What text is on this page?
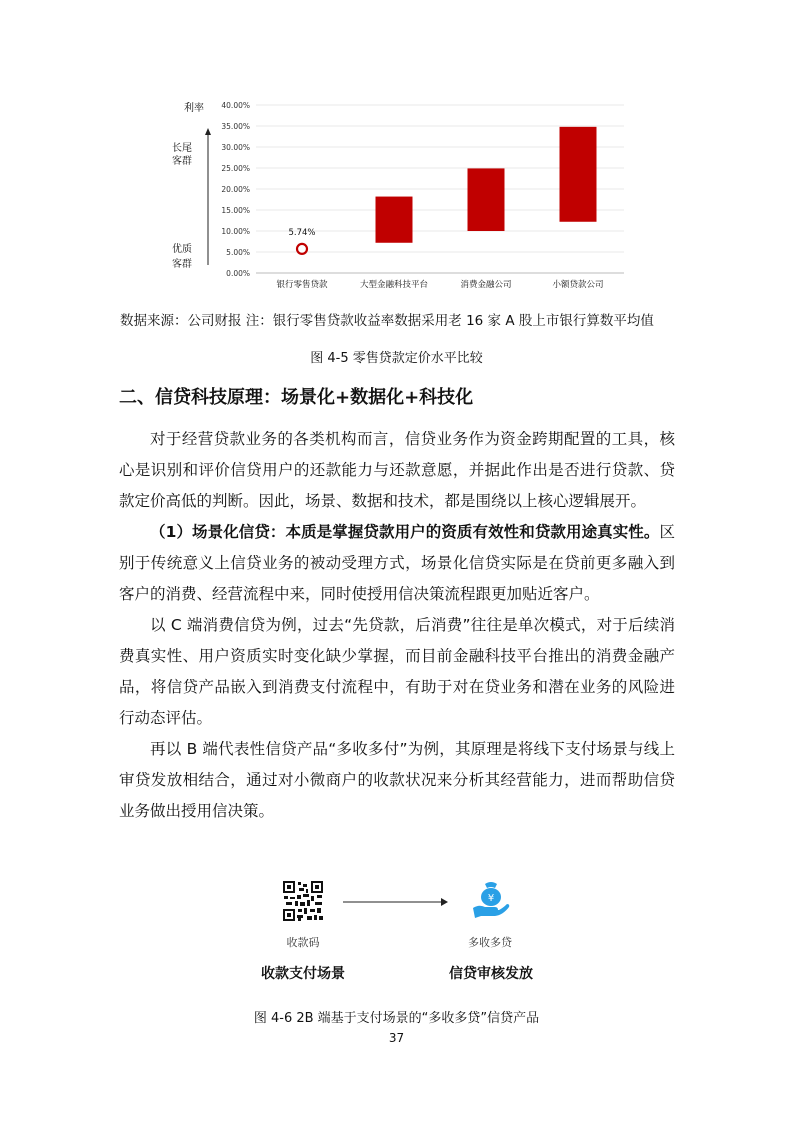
利率
长尾
客群
优质
客群
0.00%
5.00%
10.00%
15.00%
20.00%
25.00%
30.00%
35.00%
40.00%
5.74%
银行零售贷款	大型金融科技平台	消费金融公司	小额贷款公司
数据来源：公司财报 注：银行零售贷款收益率数据采用老 16 家 A 股上市银行算数平均值
图 4-5 零售贷款定价水平比较
二、信贷科技原理：场景化+数据化+科技化

对于经营贷款业务的各类机构而言，信贷业务作为资金跨期配置的工具，核心是识别和评价信贷用户的还款能力与还款意愿，并据此作出是否进行贷款、贷款定价高低的判断。因此，场景、数据和技术，都是围绕以上核心逻辑展开。

（1）场景化信贷：本质是掌握贷款用户的资质有效性和贷款用途真实性。区别于传统意义上信贷业务的被动受理方式，场景化信贷实际是在贷前更多融入到客户的消费、经营流程中来，同时使授用信决策流程跟更加贴近客户。

以 C 端消费信贷为例，过去“先贷款，后消费”往往是单次模式，对于后续消费真实性、用户资质实时变化缺少掌握，而目前金融科技平台推出的消费金融产品，将信贷产品嵌入到消费支付流程中，有助于对在贷业务和潜在业务的风险进行动态评估。

再以 B 端代表性信贷产品“多收多付”为例，其原理是将线下支付场景与线上审贷发放相结合，通过对小微商户的收款状况来分析其经营能力，进而帮助信贷业务做出授用信决策。

¥
收款码	多收多贷
收款支付场景	信贷审核发放
图 4-6 2B 端基于支付场景的“多收多贷”信贷产品
37
